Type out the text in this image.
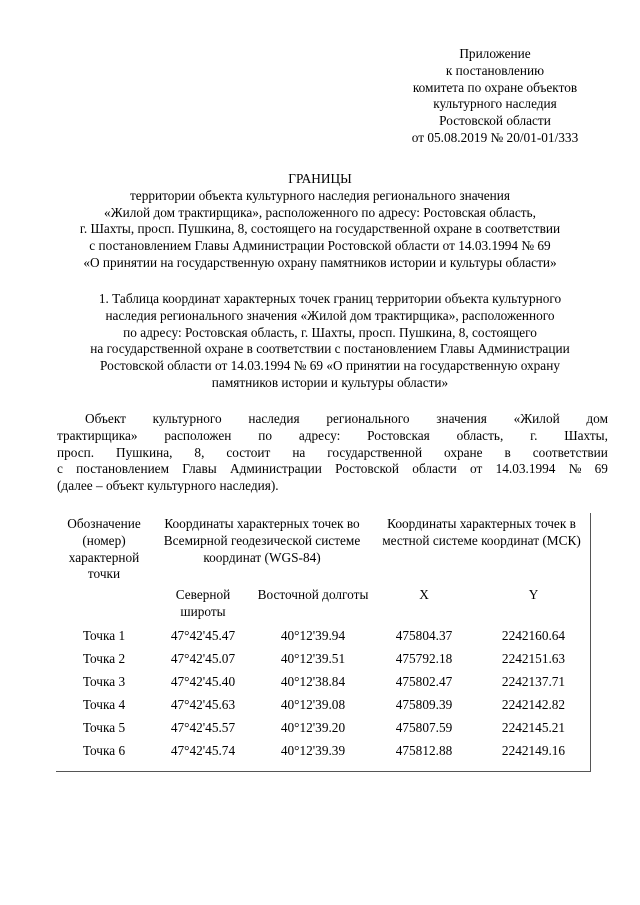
Приложение
к постановлению
комитета по охране объектов
культурного наследия
Ростовской области
от 05.08.2019 № 20/01-01/333
ГРАНИЦЫ
территории объекта культурного наследия регионального значения
«Жилой дом трактирщика», расположенного по адресу: Ростовская область,
г. Шахты, просп. Пушкина, 8, состоящего на государственной охране в соответствии
с постановлением Главы Администрации Ростовской области от 14.03.1994 № 69
«О принятии на государственную охрану памятников истории и культуры области»
1. Таблица координат характерных точек границ территории объекта культурного
наследия регионального значения «Жилой дом трактирщика», расположенного
по адресу: Ростовская область, г. Шахты, просп. Пушкина, 8, состоящего
на государственной охране в соответствии с постановлением Главы Администрации
Ростовской области от 14.03.1994 № 69 «О принятии на государственную охрану
памятников истории и культуры области»
Объект культурного наследия регионального значения «Жилой дом
трактирщика» расположен по адресу: Ростовская область, г. Шахты,
просп. Пушкина, 8, состоит на государственной охране в соответствии
с постановлением Главы Администрации Ростовской области от 14.03.1994 № 69
(далее – объект культурного наследия).
Обозначение (номер) характерной точки	Координаты характерных точек во Всемирной геодезической системе координат (WGS-84)		Координаты характерных точек в местной системе координат (МСК)	
	Северной широты	Восточной долготы	X	Y
Точка 1	47°42'45.47	40°12'39.94	475804.37	2242160.64
Точка 2	47°42'45.07	40°12'39.51	475792.18	2242151.63
Точка 3	47°42'45.40	40°12'38.84	475802.47	2242137.71
Точка 4	47°42'45.63	40°12'39.08	475809.39	2242142.82
Точка 5	47°42'45.57	40°12'39.20	475807.59	2242145.21
Точка 6	47°42'45.74	40°12'39.39	475812.88	2242149.16
